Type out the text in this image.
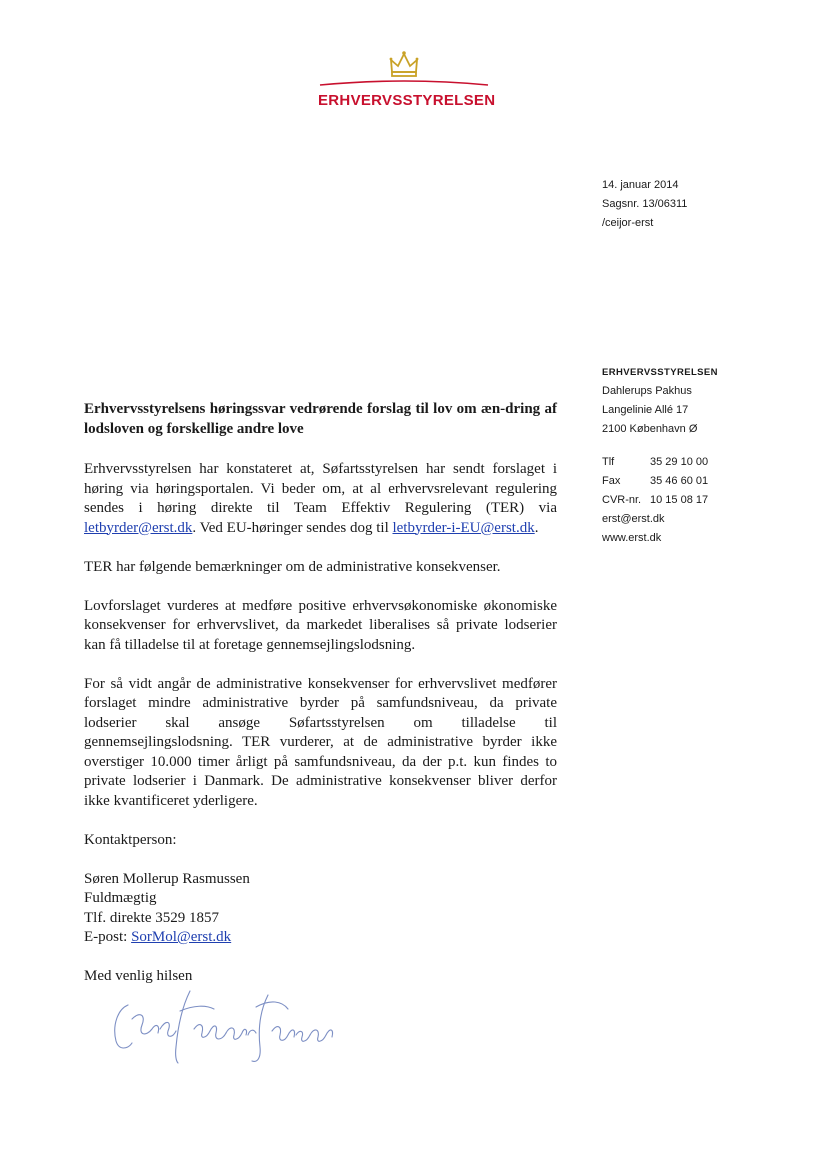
ERHVERVSSTYRELSEN
14. januar 2014
Sagsnr. 13/06311
/ceijor-erst
ERHVERVSSTYRELSEN
Dahlerups Pakhus
Langelinie Allé 17
2100 København Ø
Tlf	35 29 10 00
Fax	35 46 60 01
CVR-nr.	10 15 08 17
erst@erst.dk
www.erst.dk
Erhvervsstyrelsens høringssvar vedrørende forslag til lov om æn-dring af lodsloven og forskellige andre love

Erhvervsstyrelsen har konstateret at, Søfartsstyrelsen har sendt forslaget i høring via høringsportalen. Vi beder om, at al erhvervsrelevant regulering sendes i høring direkte til Team Effektiv Regulering (TER) via letbyrder@erst.dk. Ved EU-høringer sendes dog til letbyrder-i-EU@erst.dk.

TER har følgende bemærkninger om de administrative konsekvenser.

Lovforslaget vurderes at medføre positive erhvervsøkonomiske økonomiske konsekvenser for erhvervslivet, da markedet liberalises så private lodserier kan få tilladelse til at foretage gennemsejlingslodsning.

For så vidt angår de administrative konsekvenser for erhvervslivet medfører forslaget mindre administrative byrder på samfundsniveau, da private lodserier skal ansøge Søfartsstyrelsen om tilladelse til gennemsejlingslodsning. TER vurderer, at de administrative byrder ikke overstiger 10.000 timer årligt på samfundsniveau, da der p.t. kun findes to private lodserier i Danmark. De administrative konsekvenser bliver derfor ikke kvantificeret yderligere.

Kontaktperson:

Søren Mollerup Rasmussen
Fuldmægtig
Tlf. direkte 3529 1857
E-post: SorMol@erst.dk

Med venlig hilsen
